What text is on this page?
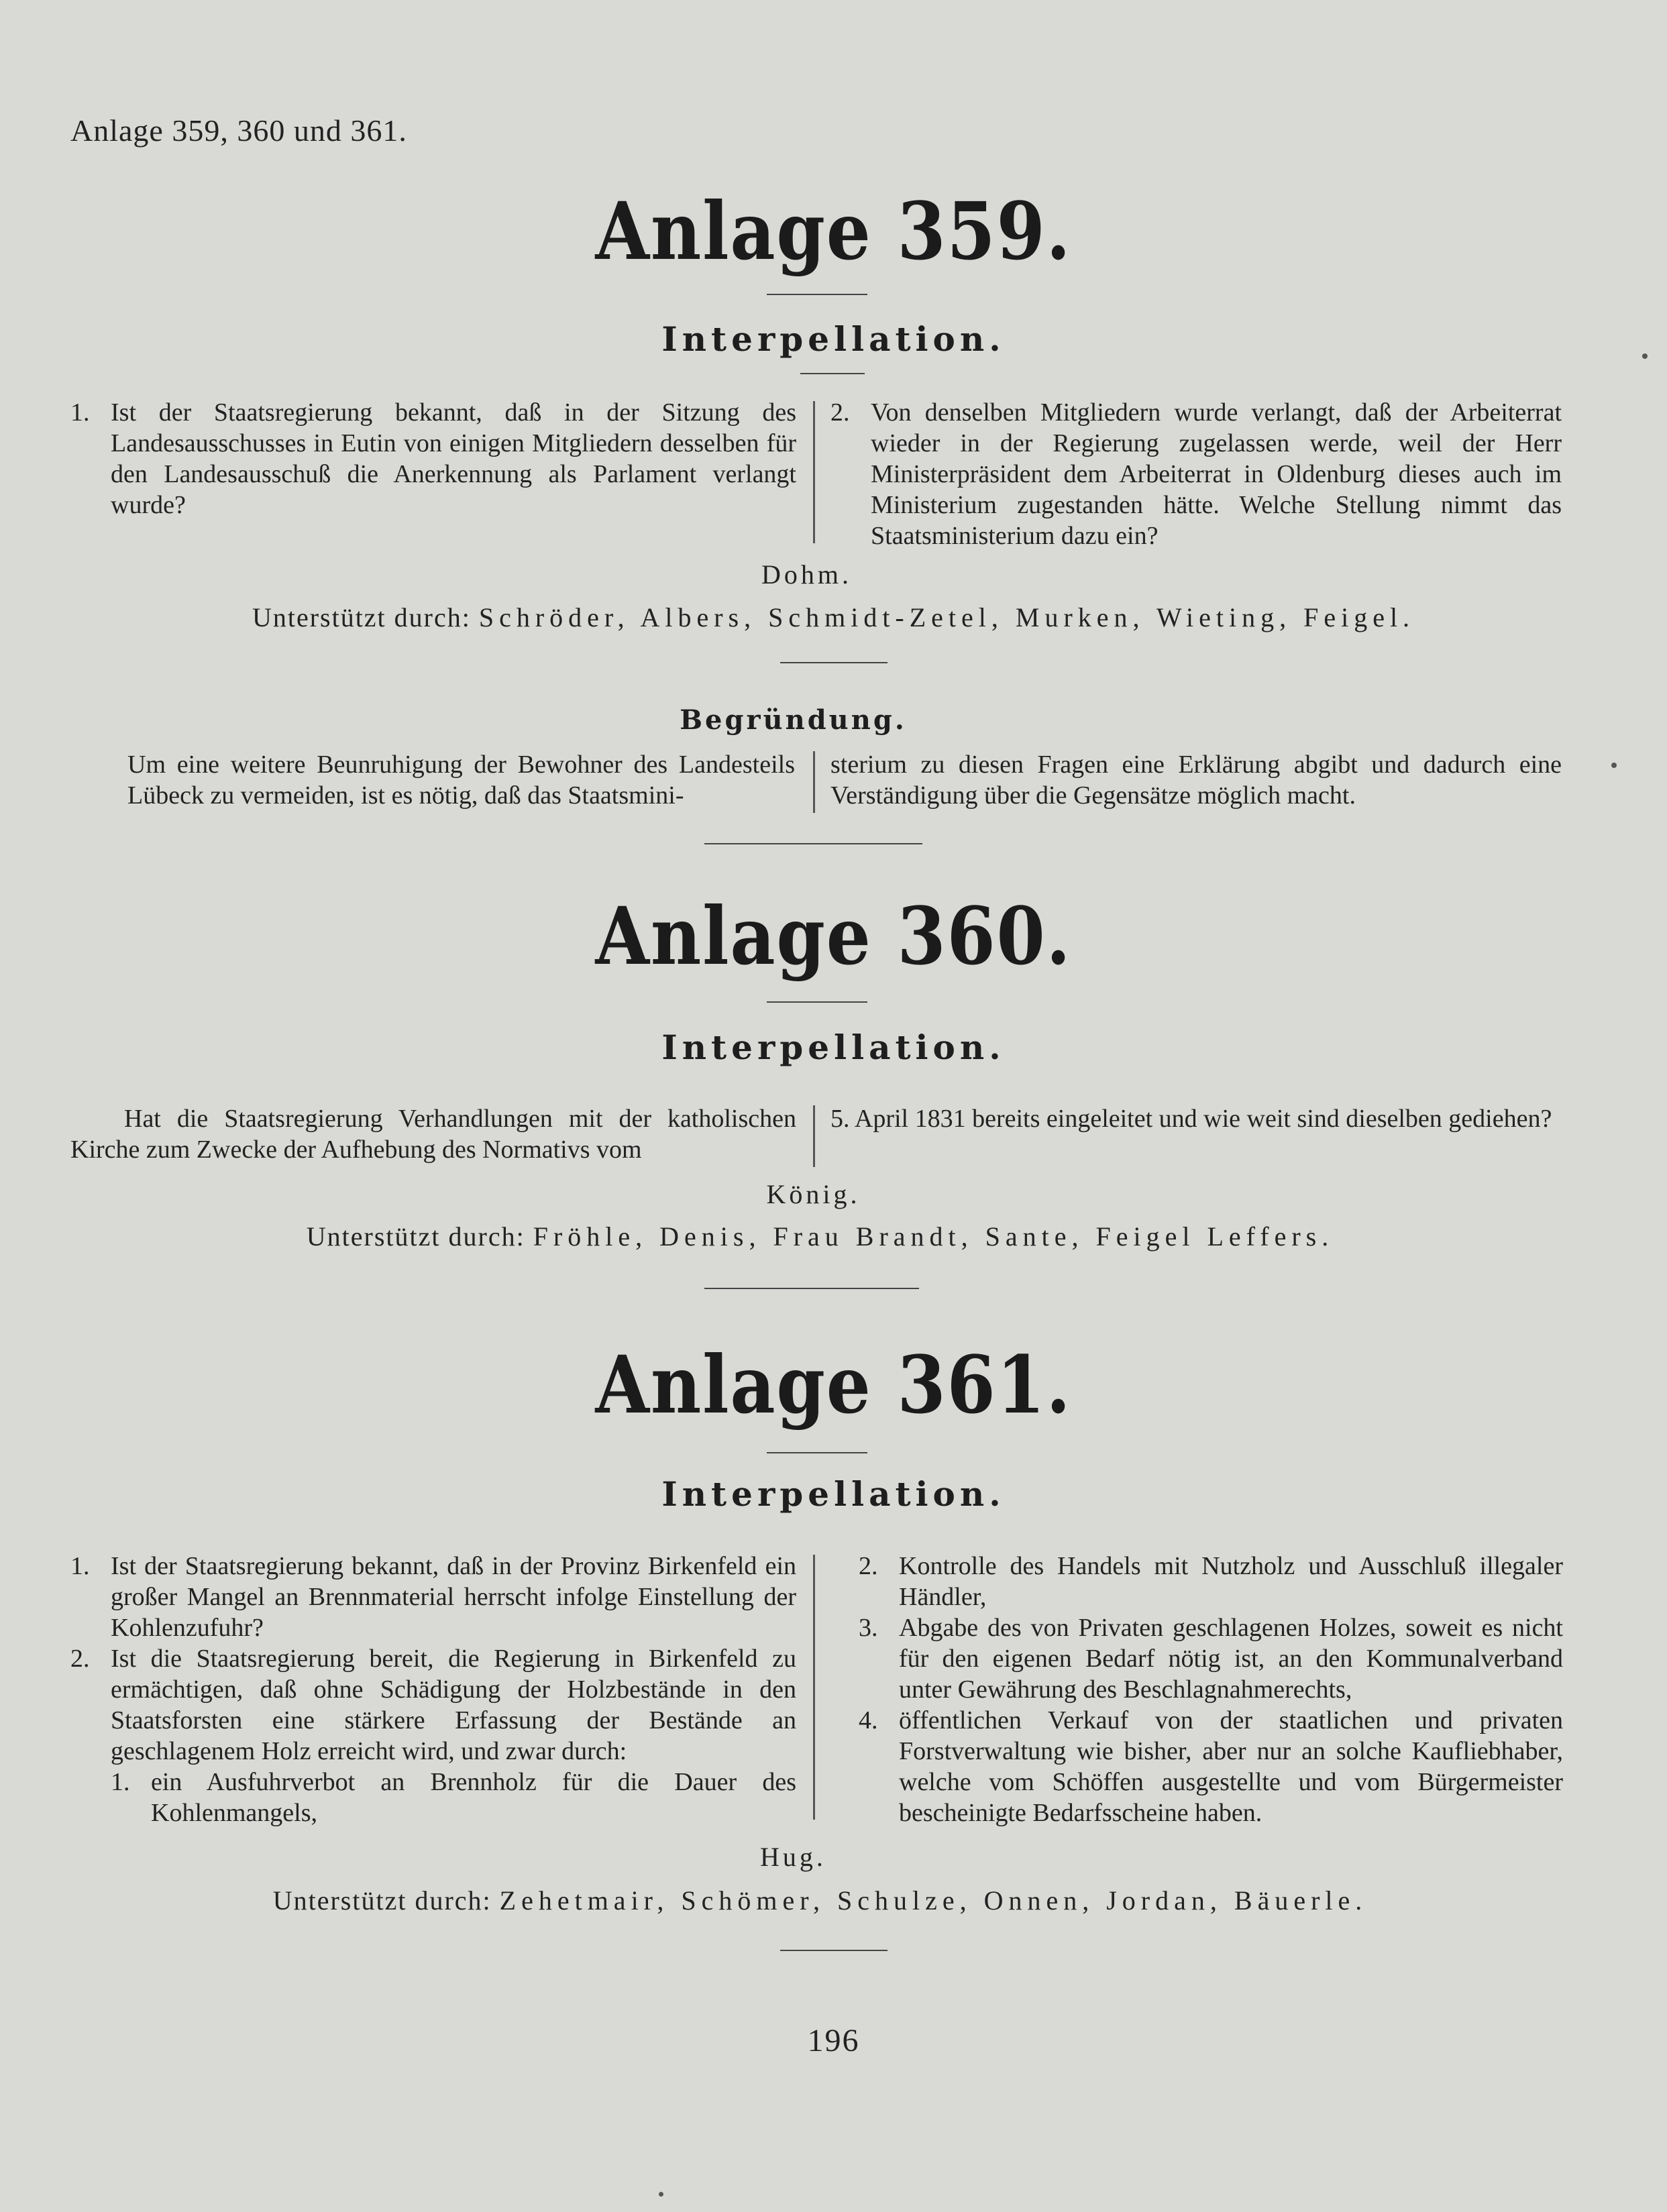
Anlage 359, 360 und 361.
Anlage 359.
Interpellation.
1. Ist der Staatsregierung bekannt, daß in der Sitzung des Landesausschusses in Eutin von einigen Mitgliedern desselben für den Landesausschuß die Anerkennung als Parlament verlangt wurde?
2. Von denselben Mitgliedern wurde verlangt, daß der Arbeiterrat wieder in der Regierung zugelassen werde, weil der Herr Ministerpräsident dem Arbeiterrat in Oldenburg dieses auch im Ministerium zugestanden hätte. Welche Stellung nimmt das Staatsministerium dazu ein?
Dohm.
Unterstützt durch: Schröder, Albers, Schmidt-Zetel, Murken, Wieting, Feigel.
Begründung.
Um eine weitere Beunruhigung der Bewohner des Landesteils Lübeck zu vermeiden, ist es nötig, daß das Staatsmini-
sterium zu diesen Fragen eine Erklärung abgibt und dadurch eine Verständigung über die Gegensätze möglich macht.
Anlage 360.
Interpellation.
Hat die Staatsregierung Verhandlungen mit der katholischen Kirche zum Zwecke der Aufhebung des Normativs vom
5. April 1831 bereits eingeleitet und wie weit sind dieselben gediehen?
König.
Unterstützt durch: Fröhle, Denis, Frau Brandt, Sante, Feigel Leffers.
Anlage 361.
Interpellation.
1. Ist der Staatsregierung bekannt, daß in der Provinz Birkenfeld ein großer Mangel an Brennmaterial herrscht infolge Einstellung der Kohlenzufuhr?
2. Ist die Staatsregierung bereit, die Regierung in Birkenfeld zu ermächtigen, daß ohne Schädigung der Holzbestände in den Staatsforsten eine stärkere Erfassung der Bestände an geschlagenem Holz erreicht wird, und zwar durch:
1. ein Ausfuhrverbot an Brennholz für die Dauer des Kohlenmangels,
2. Kontrolle des Handels mit Nutzholz und Ausschluß illegaler Händler,
3. Abgabe des von Privaten geschlagenen Holzes, soweit es nicht für den eigenen Bedarf nötig ist, an den Kommunalverband unter Gewährung des Beschlagnahmerechts,
4. öffentlichen Verkauf von der staatlichen und privaten Forstverwaltung wie bisher, aber nur an solche Kaufliebhaber, welche vom Schöffen ausgestellte und vom Bürgermeister bescheinigte Bedarfsscheine haben.
Hug.
Unterstützt durch: Zehetmair, Schömer, Schulze, Onnen, Jordan, Bäuerle.
196
